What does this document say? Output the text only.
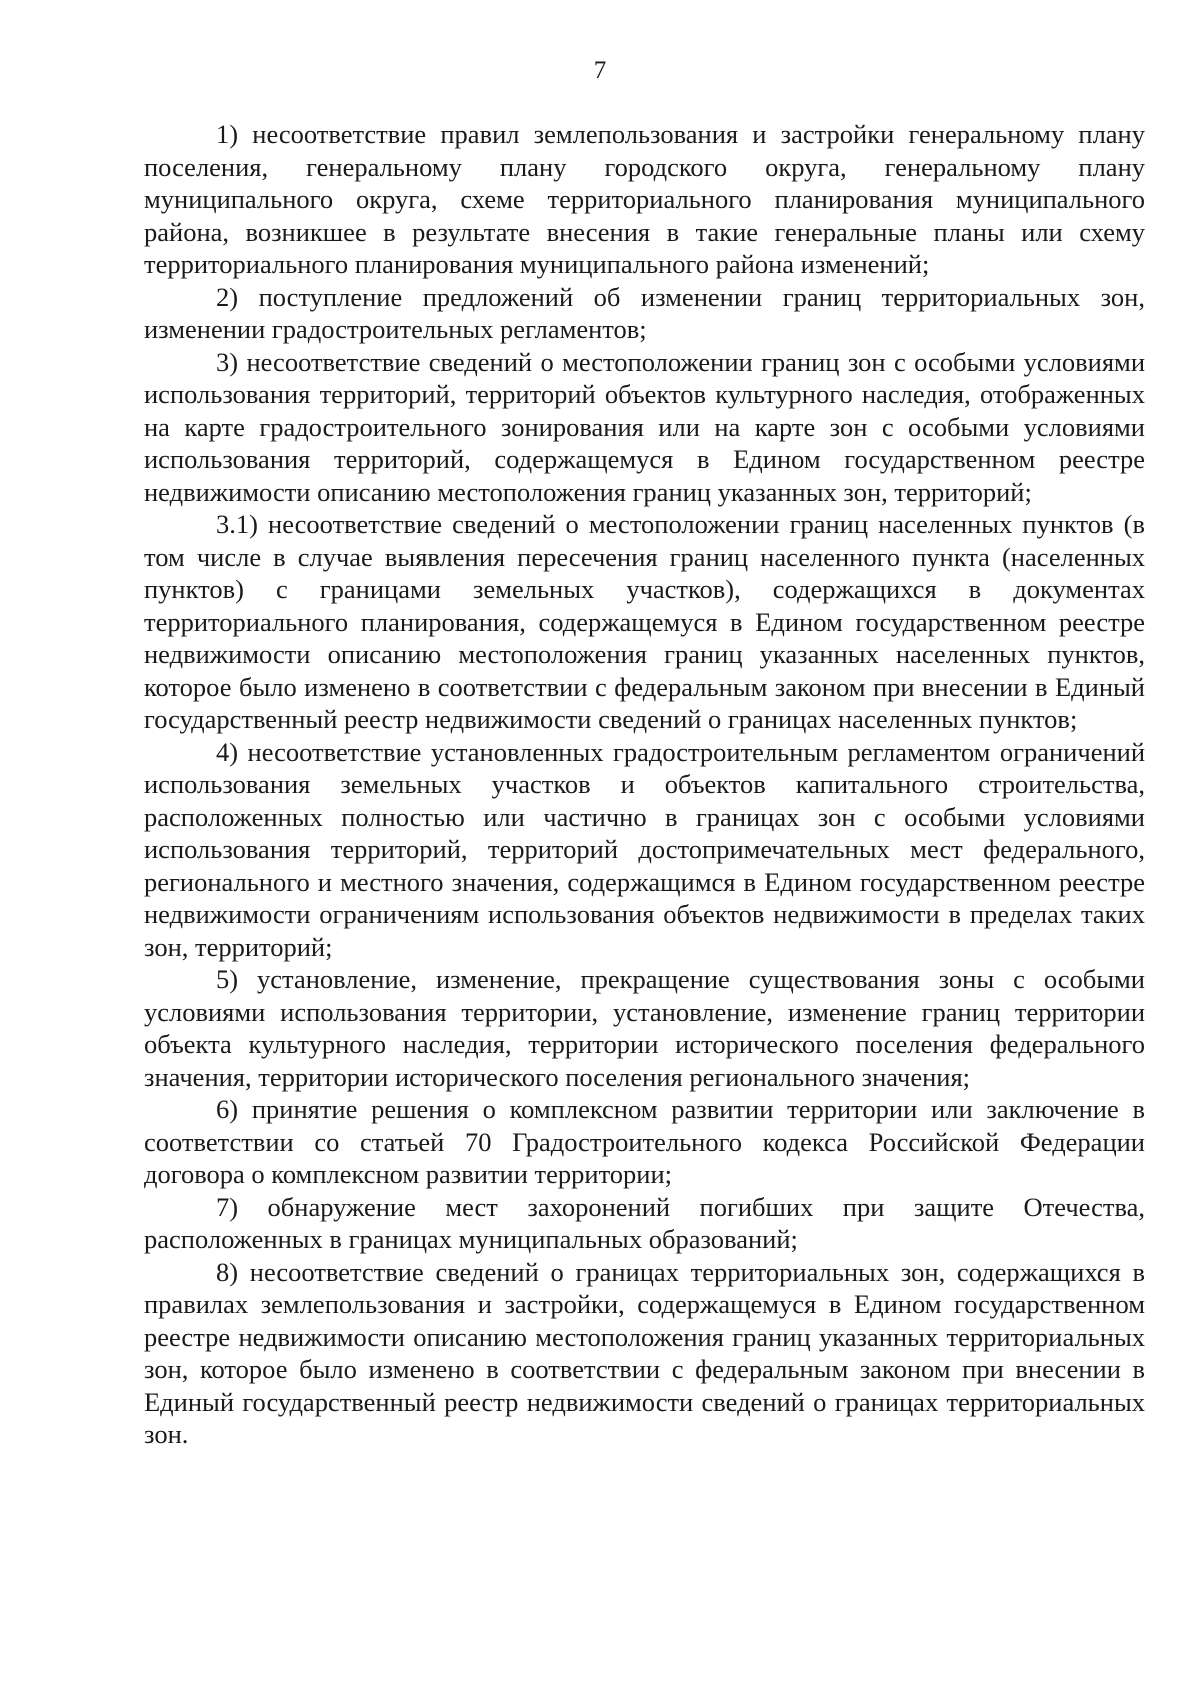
7

1) несоответствие правил землепользования и застройки генеральному плану поселения, генеральному плану городского округа, генеральному плану муниципального округа, схеме территориального планирования муниципального района, возникшее в результате внесения в такие генеральные планы или схему территориального планирования муниципального района изменений;

2) поступление предложений об изменении границ территориальных зон, изменении градостроительных регламентов;

3) несоответствие сведений о местоположении границ зон с особыми условиями использования территорий, территорий объектов культурного наследия, отображенных на карте градостроительного зонирования или на карте зон с особыми условиями использования территорий, содержащемуся в Едином государственном реестре недвижимости описанию местоположения границ указанных зон, территорий;

3.1) несоответствие сведений о местоположении границ населенных пунктов (в том числе в случае выявления пересечения границ населенного пункта (населенных пунктов) с границами земельных участков), содержащихся в документах территориального планирования, содержащемуся в Едином государственном реестре недвижимости описанию местоположения границ указанных населенных пунктов, которое было изменено в соответствии с федеральным законом при внесении в Единый государственный реестр недвижимости сведений о границах населенных пунктов;

4) несоответствие установленных градостроительным регламентом ограничений использования земельных участков и объектов капитального строительства, расположенных полностью или частично в границах зон с особыми условиями использования территорий, территорий достопримечательных мест федерального, регионального и местного значения, содержащимся в Едином государственном реестре недвижимости ограничениям использования объектов недвижимости в пределах таких зон, территорий;

5) установление, изменение, прекращение существования зоны с особыми условиями использования территории, установление, изменение границ территории объекта культурного наследия, территории исторического поселения федерального значения, территории исторического поселения регионального значения;

6) принятие решения о комплексном развитии территории или заключение в соответствии со статьей 70 Градостроительного кодекса Российской Федерации договора о комплексном развитии территории;

7) обнаружение мест захоронений погибших при защите Отечества, расположенных в границах муниципальных образований;

8) несоответствие сведений о границах территориальных зон, содержащихся в правилах землепользования и застройки, содержащемуся в Едином государственном реестре недвижимости описанию местоположения границ указанных территориальных зон, которое было изменено в соответствии с федеральным законом при внесении в Единый государственный реестр недвижимости сведений о границах территориальных зон.
